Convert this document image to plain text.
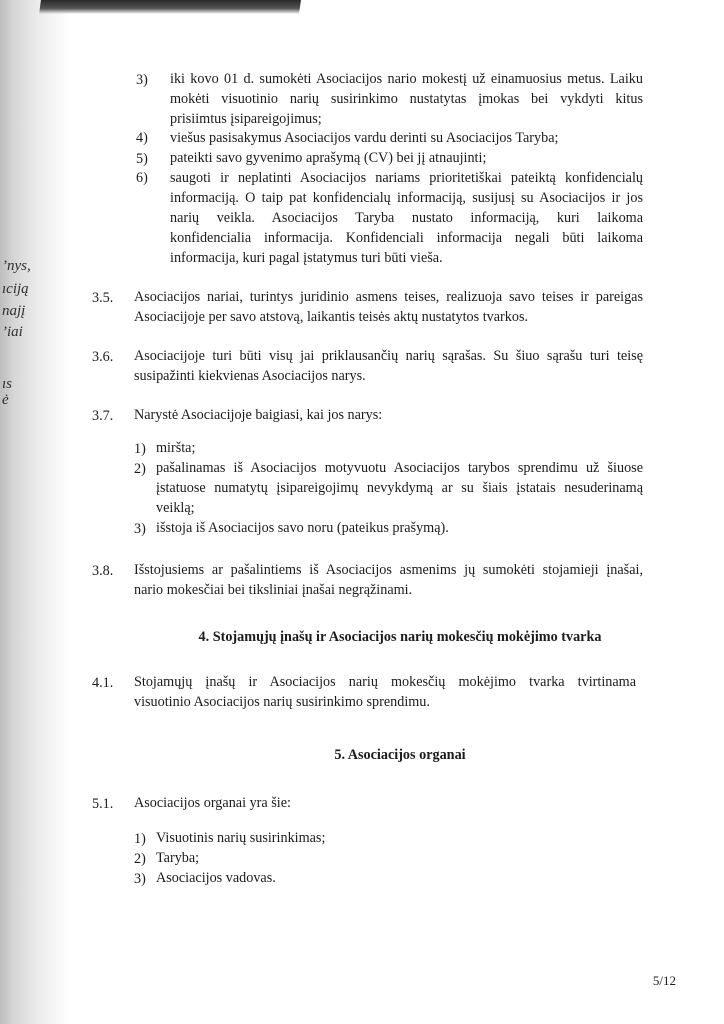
’nys,
ıciją
najį
’iai
ıs
ė
3) iki kovo 01 d. sumokėti Asociacijos nario mokestį už einamuosius metus. Laiku
mokėti visuotinio narių susirinkimo nustatytas įmokas bei vykdyti kitus
prisiimtus įsipareigojimus;
4) viešus pasisakymus Asociacijos vardu derinti su Asociacijos Taryba;
5) pateikti savo gyvenimo aprašymą (CV) bei jį atnaujinti;
6) saugoti ir neplatinti Asociacijos nariams prioritetiškai pateiktą konfidencialų
informaciją. O taip pat konfidencialų informaciją, susijusį su Asociacijos ir jos
narių veikla. Asociacijos Taryba nustato informaciją, kuri laikoma
konfidencialia informacija. Konfidenciali informacija negali būti laikoma
informacija, kuri pagal įstatymus turi būti vieša.
3.5. Asociacijos nariai, turintys juridinio asmens teises, realizuoja savo teises ir pareigas
Asociacijoje per savo atstovą, laikantis teisės aktų nustatytos tvarkos.
3.6. Asociacijoje turi būti visų jai priklausančių narių sąrašas. Su šiuo sąrašu turi teisę
susipažinti kiekvienas Asociacijos narys.
3.7. Narystė Asociacijoje baigiasi, kai jos narys:
1) miršta;
2) pašalinamas iš Asociacijos motyvuotu Asociacijos tarybos sprendimu už šiuose
įstatuose numatytų įsipareigojimų nevykdymą ar su šiais įstatais nesuderinamą
veiklą;
3) išstoja iš Asociacijos savo noru (pateikus prašymą).
3.8. Išstojusiems ar pašalintiems iš Asociacijos asmenims jų sumokėti stojamieji įnašai,
nario mokesčiai bei tiksliniai įnašai negrąžinami.
4. Stojamųjų įnašų ir Asociacijos narių mokesčių mokėjimo tvarka
4.1. Stojamųjų įnašų ir Asociacijos narių mokesčių mokėjimo tvarka tvirtinama
visuotinio Asociacijos narių susirinkimo sprendimu.
5. Asociacijos organai
5.1. Asociacijos organai yra šie:
1) Visuotinis narių susirinkimas;
2) Taryba;
3) Asociacijos vadovas.
5/12
